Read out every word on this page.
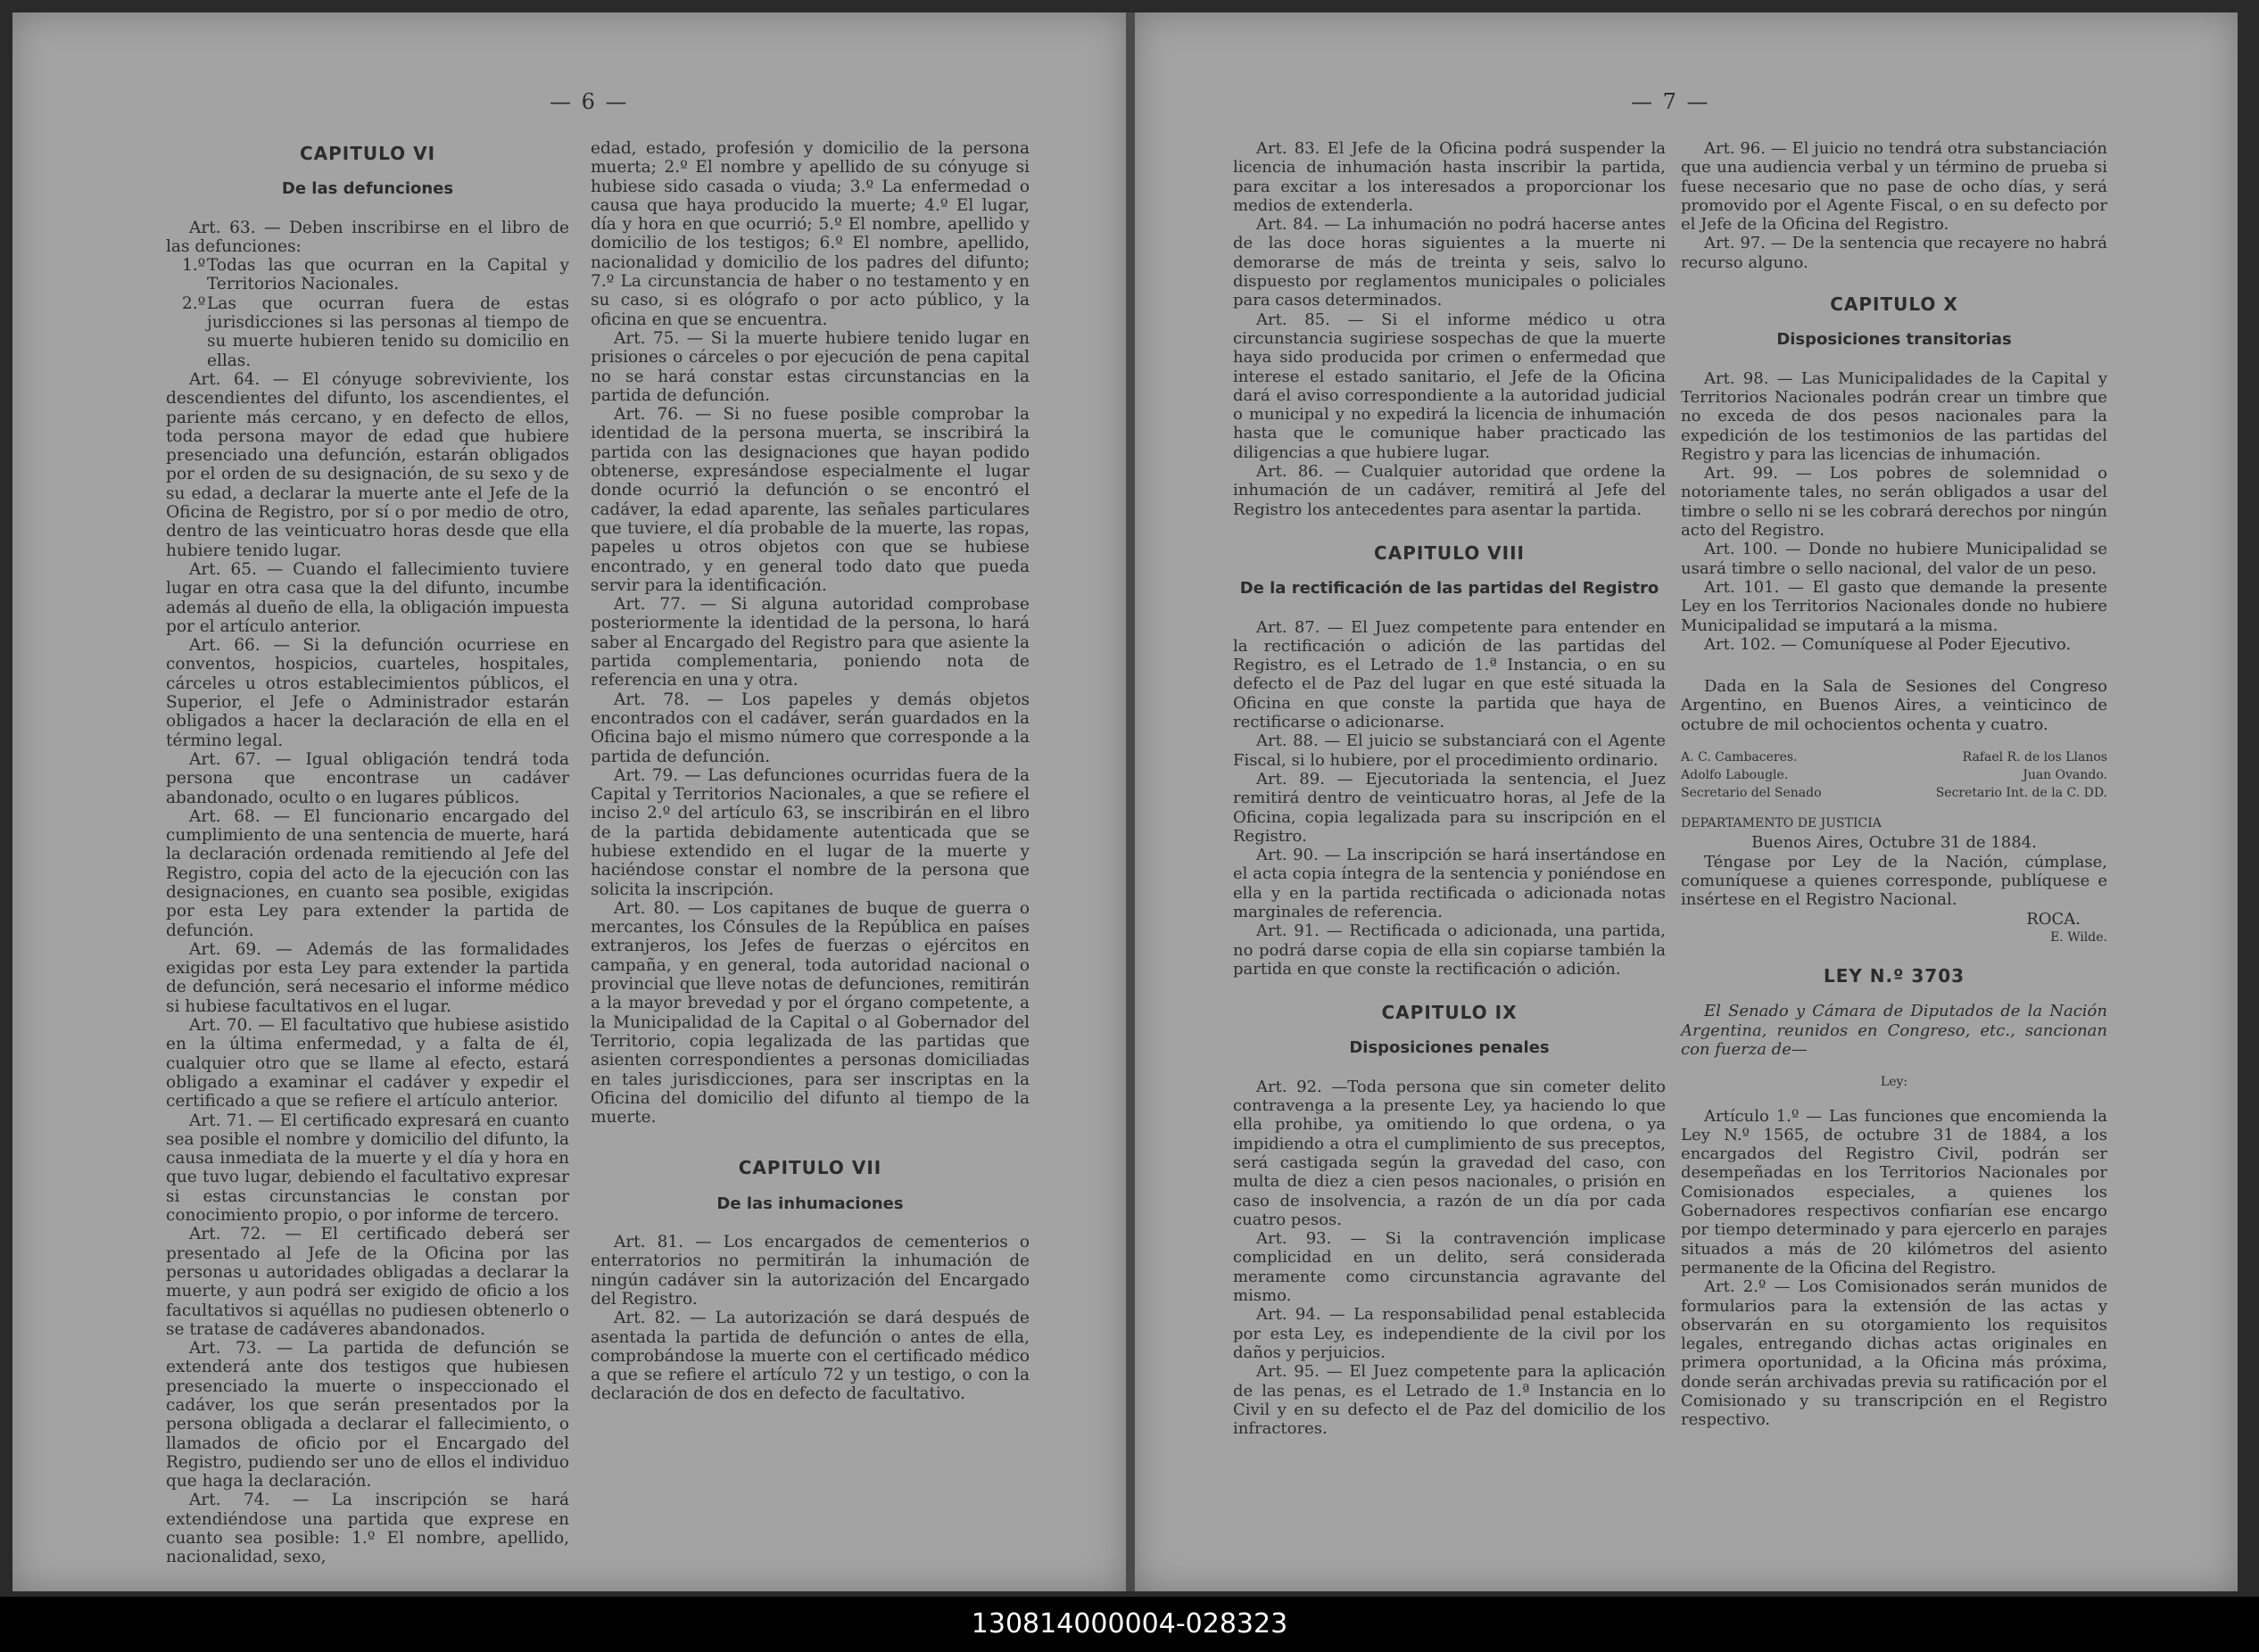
— 6 —
CAPITULO VI
De las defunciones

Art. 63. — Deben inscribirse en el libro de las defunciones:

1.º Todas las que ocurran en la Capital y Territorios Nacionales.

2.º Las que ocurran fuera de estas jurisdicciones si las personas al tiempo de su muerte hubieren tenido su domicilio en ellas.

Art. 64. — El cónyuge sobreviviente, los descendientes del difunto, los ascendientes, el pariente más cercano, y en defecto de ellos, toda persona mayor de edad que hubiere presenciado una defunción, estarán obligados por el orden de su designación, de su sexo y de su edad, a declarar la muerte ante el Jefe de la Oficina de Registro, por sí o por medio de otro, dentro de las veinticuatro horas desde que ella hubiere tenido lugar.

Art. 65. — Cuando el fallecimiento tuviere lugar en otra casa que la del difunto, incumbe además al dueño de ella, la obligación impuesta por el artículo anterior.

Art. 66. — Si la defunción ocurriese en conventos, hospicios, cuarteles, hospitales, cárceles u otros establecimientos públicos, el Superior, el Jefe o Administrador estarán obligados a hacer la declaración de ella en el término legal.

Art. 67. — Igual obligación tendrá toda persona que encontrase un cadáver abandonado, oculto o en lugares públicos.

Art. 68. — El funcionario encargado del cumplimiento de una sentencia de muerte, hará la declaración ordenada remitiendo al Jefe del Registro, copia del acto de la ejecución con las designaciones, en cuanto sea posible, exigidas por esta Ley para extender la partida de defunción.

Art. 69. — Además de las formalidades exigidas por esta Ley para extender la partida de defunción, será necesario el informe médico si hubiese facultativos en el lugar.

Art. 70. — El facultativo que hubiese asistido en la última enfermedad, y a falta de él, cualquier otro que se llame al efecto, estará obligado a examinar el cadáver y expedir el certificado a que se refiere el artículo anterior.

Art. 71. — El certificado expresará en cuanto sea posible el nombre y domicilio del difunto, la causa inmediata de la muerte y el día y hora en que tuvo lugar, debiendo el facultativo expresar si estas circunstancias le constan por conocimiento propio, o por informe de tercero.

Art. 72. — El certificado deberá ser presentado al Jefe de la Oficina por las personas u autoridades obligadas a declarar la muerte, y aun podrá ser exigido de oficio a los facultativos si aquéllas no pudiesen obtenerlo o se tratase de cadáveres abandonados.

Art. 73. — La partida de defunción se extenderá ante dos testigos que hubiesen presenciado la muerte o inspeccionado el cadáver, los que serán presentados por la persona obligada a declarar el fallecimiento, o llamados de oficio por el Encargado del Registro, pudiendo ser uno de ellos el individuo que haga la declaración.

Art. 74. — La inscripción se hará extendiéndose una partida que exprese en cuanto sea posible: 1.º El nombre, apellido, nacionalidad, sexo,

edad, estado, profesión y domicilio de la persona muerta; 2.º El nombre y apellido de su cónyuge si hubiese sido casada o viuda; 3.º La enfermedad o causa que haya producido la muerte; 4.º El lugar, día y hora en que ocurrió; 5.º El nombre, apellido y domicilio de los testigos; 6.º El nombre, apellido, nacionalidad y domicilio de los padres del difunto; 7.º La circunstancia de haber o no testamento y en su caso, si es ológrafo o por acto público, y la oficina en que se encuentra.

Art. 75. — Si la muerte hubiere tenido lugar en prisiones o cárceles o por ejecución de pena capital no se hará constar estas circunstancias en la partida de defunción.

Art. 76. — Si no fuese posible comprobar la identidad de la persona muerta, se inscribirá la partida con las designaciones que hayan podido obtenerse, expresándose especialmente el lugar donde ocurrió la defunción o se encontró el cadáver, la edad aparente, las señales particulares que tuviere, el día probable de la muerte, las ropas, papeles u otros objetos con que se hubiese encontrado, y en general todo dato que pueda servir para la identificación.

Art. 77. — Si alguna autoridad comprobase posteriormente la identidad de la persona, lo hará saber al Encargado del Registro para que asiente la partida complementaria, poniendo nota de referencia en una y otra.

Art. 78. — Los papeles y demás objetos encontrados con el cadáver, serán guardados en la Oficina bajo el mismo número que corresponde a la partida de defunción.

Art. 79. — Las defunciones ocurridas fuera de la Capital y Territorios Nacionales, a que se refiere el inciso 2.º del artículo 63, se inscribirán en el libro de la partida debidamente autenticada que se hubiese extendido en el lugar de la muerte y haciéndose constar el nombre de la persona que solicita la inscripción.

Art. 80. — Los capitanes de buque de guerra o mercantes, los Cónsules de la República en países extranjeros, los Jefes de fuerzas o ejércitos en campaña, y en general, toda autoridad nacional o provincial que lleve notas de defunciones, remitirán a la mayor brevedad y por el órgano competente, a la Municipalidad de la Capital o al Gobernador del Territorio, copia legalizada de las partidas que asienten correspondientes a personas domiciliadas en tales jurisdicciones, para ser inscriptas en la Oficina del domicilio del difunto al tiempo de la muerte.

CAPITULO VII
De las inhumaciones

Art. 81. — Los encargados de cementerios o enterratorios no permitirán la inhumación de ningún cadáver sin la autorización del Encargado del Registro.

Art. 82. — La autorización se dará después de asentada la partida de defunción o antes de ella, comprobándose la muerte con el certificado médico a que se refiere el artículo 72 y un testigo, o con la declaración de dos en defecto de facultativo.

— 7 —

Art. 83. El Jefe de la Oficina podrá suspender la licencia de inhumación hasta inscribir la partida, para excitar a los interesados a proporcionar los medios de extenderla.

Art. 84. — La inhumación no podrá hacerse antes de las doce horas siguientes a la muerte ni demorarse de más de treinta y seis, salvo lo dispuesto por reglamentos municipales o policiales para casos determinados.

Art. 85. — Si el informe médico u otra circunstancia sugiriese sospechas de que la muerte haya sido producida por crimen o enfermedad que interese el estado sanitario, el Jefe de la Oficina dará el aviso correspondiente a la autoridad judicial o municipal y no expedirá la licencia de inhumación hasta que le comunique haber practicado las diligencias a que hubiere lugar.

Art. 86. — Cualquier autoridad que ordene la inhumación de un cadáver, remitirá al Jefe del Registro los antecedentes para asentar la partida.

CAPITULO VIII
De la rectificación de las partidas del Registro

Art. 87. — El Juez competente para entender en la rectificación o adición de las partidas del Registro, es el Letrado de 1.ª Instancia, o en su defecto el de Paz del lugar en que esté situada la Oficina en que conste la partida que haya de rectificarse o adicionarse.

Art. 88. — El juicio se substanciará con el Agente Fiscal, si lo hubiere, por el procedimiento ordinario.

Art. 89. — Ejecutoriada la sentencia, el Juez remitirá dentro de veinticuatro horas, al Jefe de la Oficina, copia legalizada para su inscripción en el Registro.

Art. 90. — La inscripción se hará insertándose en el acta copia íntegra de la sentencia y poniéndose en ella y en la partida rectificada o adicionada notas marginales de referencia.

Art. 91. — Rectificada o adicionada, una partida, no podrá darse copia de ella sin copiarse también la partida en que conste la rectificación o adición.

CAPITULO IX
Disposiciones penales

Art. 92. —Toda persona que sin cometer delito contravenga a la presente Ley, ya haciendo lo que ella prohibe, ya omitiendo lo que ordena, o ya impidiendo a otra el cumplimiento de sus preceptos, será castigada según la gravedad del caso, con multa de diez a cien pesos nacionales, o prisión en caso de insolvencia, a razón de un día por cada cuatro pesos.

Art. 93. — Si la contravención implicase complicidad en un delito, será considerada meramente como circunstancia agravante del mismo.

Art. 94. — La responsabilidad penal establecida por esta Ley, es independiente de la civil por los daños y perjuicios.

Art. 95. — El Juez competente para la aplicación de las penas, es el Letrado de 1.ª Instancia en lo Civil y en su defecto el de Paz del domicilio de los infractores.

Art. 96. — El juicio no tendrá otra substanciación que una audiencia verbal y un término de prueba si fuese necesario que no pase de ocho días, y será promovido por el Agente Fiscal, o en su defecto por el Jefe de la Oficina del Registro.

Art. 97. — De la sentencia que recayere no habrá recurso alguno.

CAPITULO X
Disposiciones transitorias

Art. 98. — Las Municipalidades de la Capital y Territorios Nacionales podrán crear un timbre que no exceda de dos pesos nacionales para la expedición de los testimonios de las partidas del Registro y para las licencias de inhumación.

Art. 99. — Los pobres de solemnidad o notoriamente tales, no serán obligados a usar del timbre o sello ni se les cobrará derechos por ningún acto del Registro.

Art. 100. — Donde no hubiere Municipalidad se usará timbre o sello nacional, del valor de un peso.

Art. 101. — El gasto que demande la presente Ley en los Territorios Nacionales donde no hubiere Municipalidad se imputará a la misma.

Art. 102. — Comuníquese al Poder Ejecutivo.

Dada en la Sala de Sesiones del Congreso Argentino, en Buenos Aires, a veinticinco de octubre de mil ochocientos ochenta y cuatro.

A. C. Cambaceres.	Rafael R. de los Llanos
Adolfo Labougle.	Juan Ovando.
Secretario del Senado	Secretario Int. de la C. DD.
DEPARTAMENTO DE JUSTICIA
Buenos Aires, Octubre 31 de 1884.

Téngase por Ley de la Nación, cúmplase, comuníquese a quienes corresponde, publíquese e insértese en el Registro Nacional.

ROCA.
E. Wilde.
LEY N.º 3703

El Senado y Cámara de Diputados de la Nación Argentina, reunidos en Congreso, etc., sancionan con fuerza de—

Ley:

Artículo 1.º — Las funciones que encomienda la Ley N.º 1565, de octubre 31 de 1884, a los encargados del Registro Civil, podrán ser desempeñadas en los Territorios Nacionales por Comisionados especiales, a quienes los Gobernadores respectivos confiarían ese encargo por tiempo determinado y para ejercerlo en parajes situados a más de 20 kilómetros del asiento permanente de la Oficina del Registro.

Art. 2.º — Los Comisionados serán munidos de formularios para la extensión de las actas y observarán en su otorgamiento los requisitos legales, entregando dichas actas originales en primera oportunidad, a la Oficina más próxima, donde serán archivadas previa su ratificación por el Comisionado y su transcripción en el Registro respectivo.

130814000004-028323
